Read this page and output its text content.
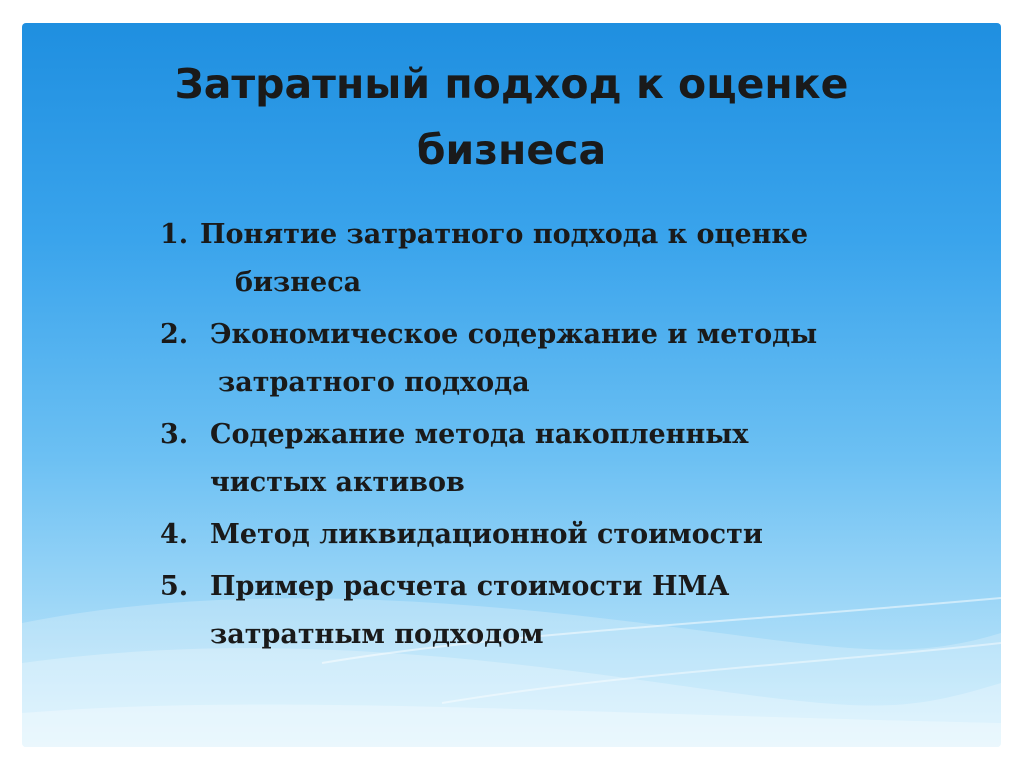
Затратный подход к оценке
бизнеса
1. Понятие затратного подхода к оценке
бизнеса
2. Экономическое содержание и методы
затратного подхода
3. Содержание метода накопленных
чистых активов
4. Метод ликвидационной стоимости
5. Пример расчета стоимости НМА
затратным подходом
